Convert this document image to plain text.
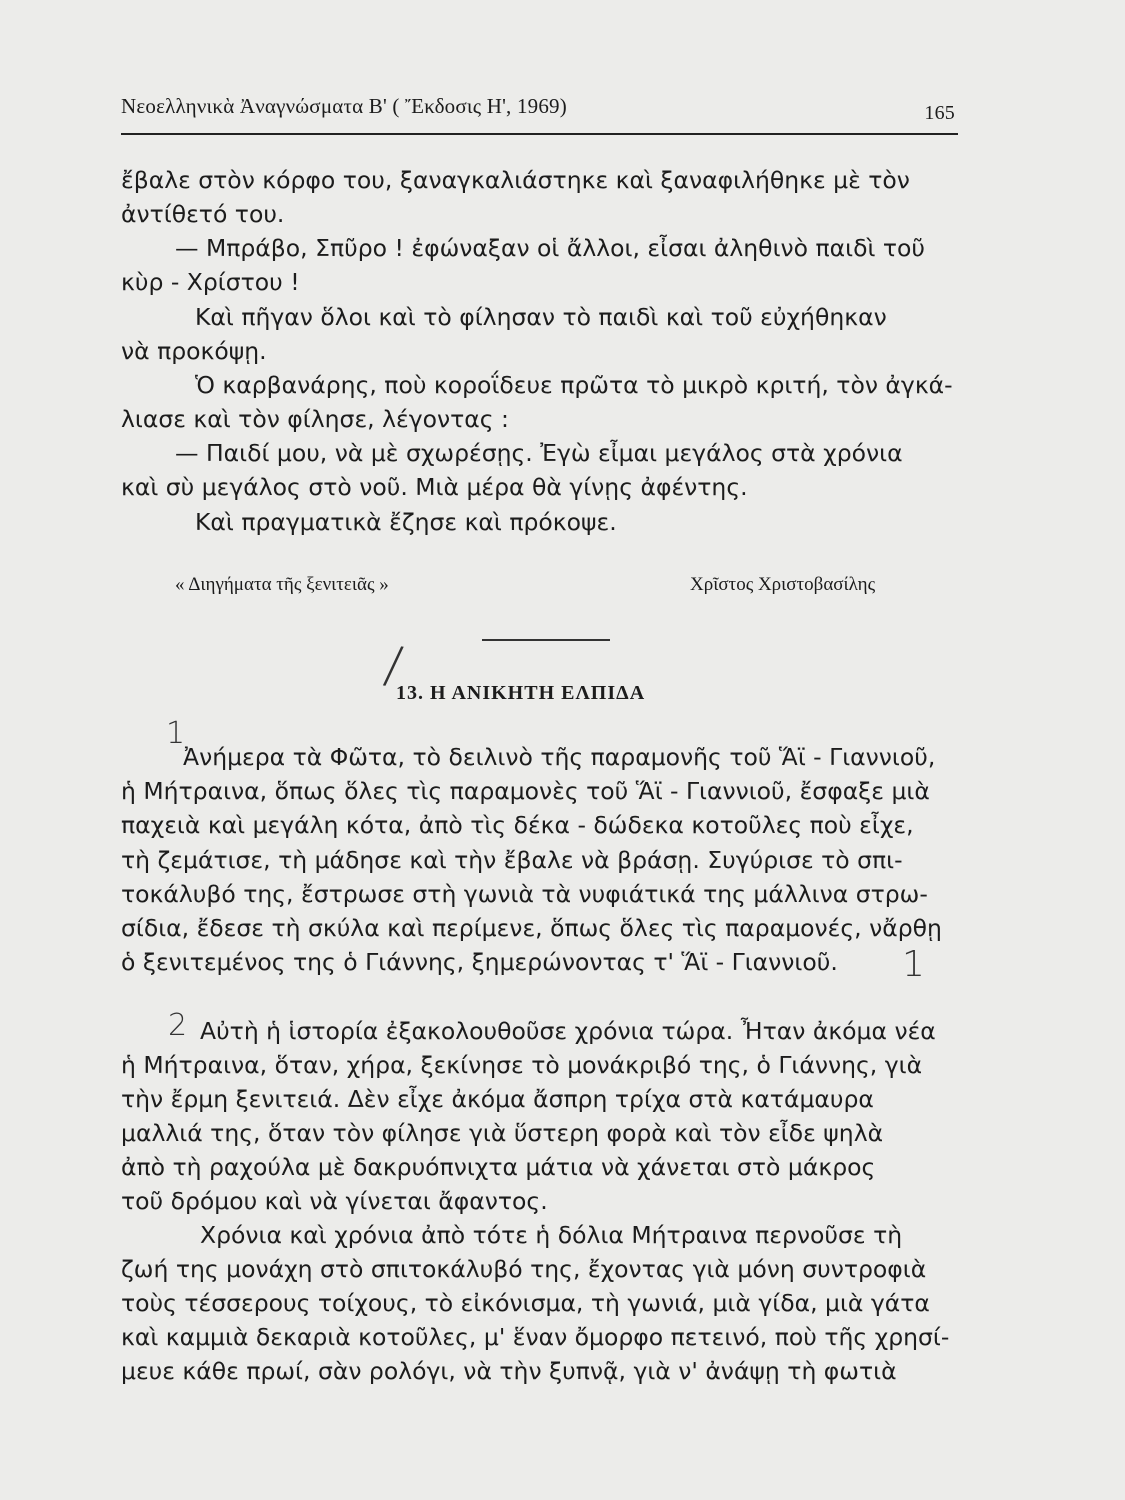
Νεοελληνικὰ Ἀναγνώσματα Β' ( Ἔκδοσις Η', 1969)	165
ἔβαλε στὸν κόρφο του, ξαναγκαλιάστηκε καὶ ξαναφιλήθηκε μὲ τὸν
ἀντίθετό του.
— Μπράβο, Σπῦρο ! ἐφώναξαν οἱ ἄλλοι, εἶσαι ἀληθινὸ παιδὶ τοῦ
κὺρ - Χρίστου !
Καὶ πῆγαν ὅλοι καὶ τὸ φίλησαν τὸ παιδὶ καὶ τοῦ εὐχήθηκαν
νὰ προκόψῃ.
Ὁ καρβανάρης, ποὺ κοροΐδευε πρῶτα τὸ μικρὸ κριτή, τὸν ἀγκά-
λιασε καὶ τὸν φίλησε, λέγοντας :
— Παιδί μου, νὰ μὲ σχωρέσῃς. Ἐγὼ εἶμαι μεγάλος στὰ χρόνια
καὶ σὺ μεγάλος στὸ νοῦ. Μιὰ μέρα θὰ γίνῃς ἀφέντης.
Καὶ πραγματικὰ ἔζησε καὶ πρόκοψε.
« Διηγήματα τῆς ξενιτειᾶς »	Χρῖστος Χριστοβασίλης
/
13. Η ΑΝΙΚΗΤΗ ΕΛΠΙΔΑ
1
Ἀνήμερα τὰ Φῶτα, τὸ δειλινὸ τῆς παραμονῆς τοῦ Ἅϊ - Γιαννιοῦ,
ἡ Μήτραινα, ὅπως ὅλες τὶς παραμονὲς τοῦ Ἅϊ - Γιαννιοῦ, ἔσφαξε μιὰ
παχειὰ καὶ μεγάλη κότα, ἀπὸ τὶς δέκα - δώδεκα κοτοῦλες ποὺ εἶχε,
τὴ ζεμάτισε, τὴ μάδησε καὶ τὴν ἔβαλε νὰ βράσῃ. Συγύρισε τὸ σπι-
τοκάλυβό της, ἔστρωσε στὴ γωνιὰ τὰ νυφιάτικά της μάλλινα στρω-
σίδια, ἔδεσε τὴ σκύλα καὶ περίμενε, ὅπως ὅλες τὶς παραμονές, νἄρθῃ
ὁ ξενιτεμένος της ὁ Γιάννης, ξημερώνοντας τ' Ἅϊ - Γιαννιοῦ. 1
2 Αὐτὴ ἡ ἱστορία ἐξακολουθοῦσε χρόνια τώρα. Ἦταν ἀκόμα νέα
ἡ Μήτραινα, ὅταν, χήρα, ξεκίνησε τὸ μονάκριβό της, ὁ Γιάννης, γιὰ
τὴν ἔρμη ξενιτειά. Δὲν εἶχε ἀκόμα ἄσπρη τρίχα στὰ κατάμαυρα
μαλλιά της, ὅταν τὸν φίλησε γιὰ ὕστερη φορὰ καὶ τὸν εἶδε ψηλὰ
ἀπὸ τὴ ραχούλα μὲ δακρυόπνιχτα μάτια νὰ χάνεται στὸ μάκρος
τοῦ δρόμου καὶ νὰ γίνεται ἄφαντος.
Χρόνια καὶ χρόνια ἀπὸ τότε ἡ δόλια Μήτραινα περνοῦσε τὴ
ζωή της μονάχη στὸ σπιτοκάλυβό της, ἔχοντας γιὰ μόνη συντροφιὰ
τοὺς τέσσερους τοίχους, τὸ εἰκόνισμα, τὴ γωνιά, μιὰ γίδα, μιὰ γάτα
καὶ καμμιὰ δεκαριὰ κοτοῦλες, μ' ἕναν ὄμορφο πετεινό, ποὺ τῆς χρησί-
μευε κάθε πρωί, σὰν ρολόγι, νὰ τὴν ξυπνᾷ, γιὰ ν' ἀνάψῃ τὴ φωτιὰ
